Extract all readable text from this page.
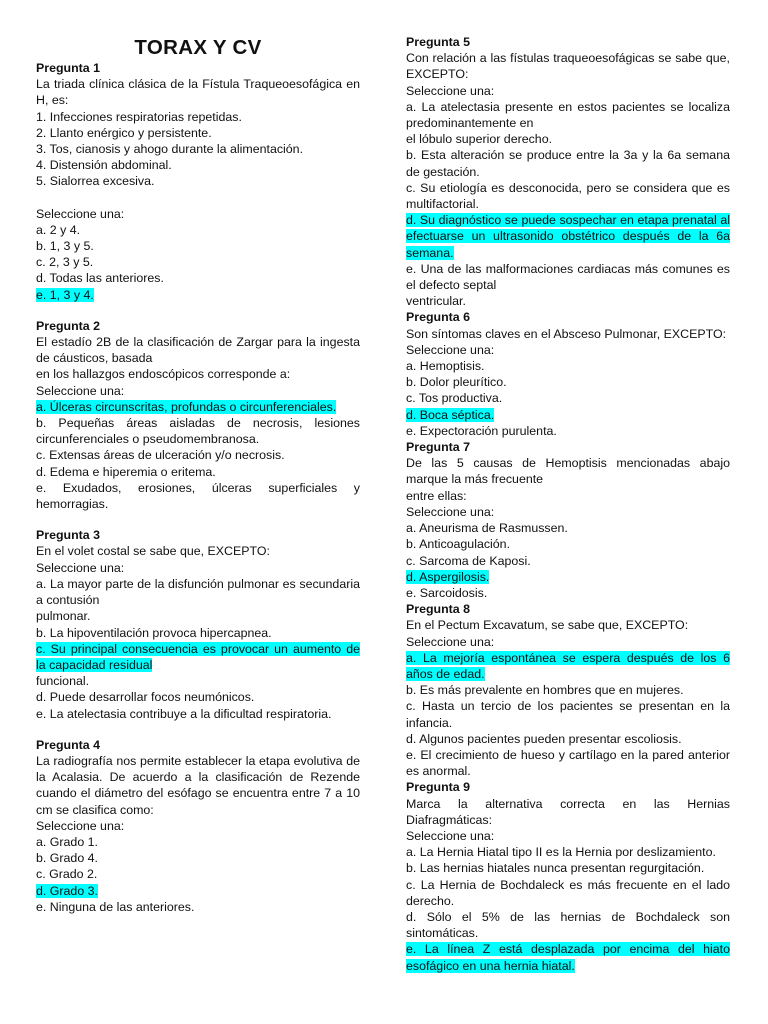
TORAX Y CV
Pregunta 1
La triada clínica clásica de la Fístula Traqueoesofágica en H, es:
1. Infecciones respiratorias repetidas.
2. Llanto enérgico y persistente.
3. Tos, cianosis y ahogo durante la alimentación.
4. Distensión abdominal.
5. Sialorrea excesiva.
Seleccione una:
a. 2 y 4.
b. 1, 3 y 5.
c. 2, 3 y 5.
d. Todas las anteriores.
e. 1, 3 y 4.
Pregunta 2
El estadío 2B de la clasificación de Zargar para la ingesta de cáusticos, basada
en los hallazgos endoscópicos corresponde a:
Seleccione una:
a. Úlceras circunscritas, profundas o circunferenciales.
b. Pequeñas áreas aisladas de necrosis, lesiones circunferenciales o pseudomembranosa.
c. Extensas áreas de ulceración y/o necrosis.
d. Edema e hiperemia o eritema.
e. Exudados, erosiones, úlceras superficiales y hemorragias.
Pregunta 3
En el volet costal se sabe que, EXCEPTO:
Seleccione una:
a. La mayor parte de la disfunción pulmonar es secundaria a contusión
pulmonar.
b. La hipoventilación provoca hipercapnea.
c. Su principal consecuencia es provocar un aumento de la capacidad residual
funcional.
d. Puede desarrollar focos neumónicos.
e. La atelectasia contribuye a la dificultad respiratoria.
Pregunta 4
La radiografía nos permite establecer la etapa evolutiva de la Acalasia. De acuerdo a la clasificación de Rezende cuando el diámetro del esófago se encuentra entre 7 a 10 cm se clasifica como:
Seleccione una:
a. Grado 1.
b. Grado 4.
c. Grado 2.
d. Grado 3.
e. Ninguna de las anteriores.
Pregunta 5
Con relación a las fístulas traqueoesofágicas se sabe que, EXCEPTO:
Seleccione una:
a. La atelectasia presente en estos pacientes se localiza predominantemente en
el lóbulo superior derecho.
b. Esta alteración se produce entre la 3a y la 6a semana de gestación.
c. Su etiología es desconocida, pero se considera que es multifactorial.
d. Su diagnóstico se puede sospechar en etapa prenatal al efectuarse un ultrasonido obstétrico después de la 6a semana.
e. Una de las malformaciones cardiacas más comunes es el defecto septal
ventricular.
Pregunta 6
Son síntomas claves en el Absceso Pulmonar, EXCEPTO:
Seleccione una:
a. Hemoptisis.
b. Dolor pleurítico.
c. Tos productiva.
d. Boca séptica.
e. Expectoración purulenta.
Pregunta 7
De las 5 causas de Hemoptisis mencionadas abajo marque la más frecuente
entre ellas:
Seleccione una:
a. Aneurisma de Rasmussen.
b. Anticoagulación.
c. Sarcoma de Kaposi.
d. Aspergilosis.
e. Sarcoidosis.
Pregunta 8
En el Pectum Excavatum, se sabe que, EXCEPTO:
Seleccione una:
a. La mejoría espontánea se espera después de los 6 años de edad.
b. Es más prevalente en hombres que en mujeres.
c. Hasta un tercio de los pacientes se presentan en la infancia.
d. Algunos pacientes pueden presentar escoliosis.
e. El crecimiento de hueso y cartílago en la pared anterior es anormal.
Pregunta 9
Marca la alternativa correcta en las Hernias Diafragmáticas:
Seleccione una:
a. La Hernia Hiatal tipo II es la Hernia por deslizamiento.
b. Las hernias hiatales nunca presentan regurgitación.
c. La Hernia de Bochdaleck es más frecuente en el lado derecho.
d. Sólo el 5% de las hernias de Bochdaleck son sintomáticas.
e. La línea Z está desplazada por encima del hiato esofágico en una hernia hiatal.
